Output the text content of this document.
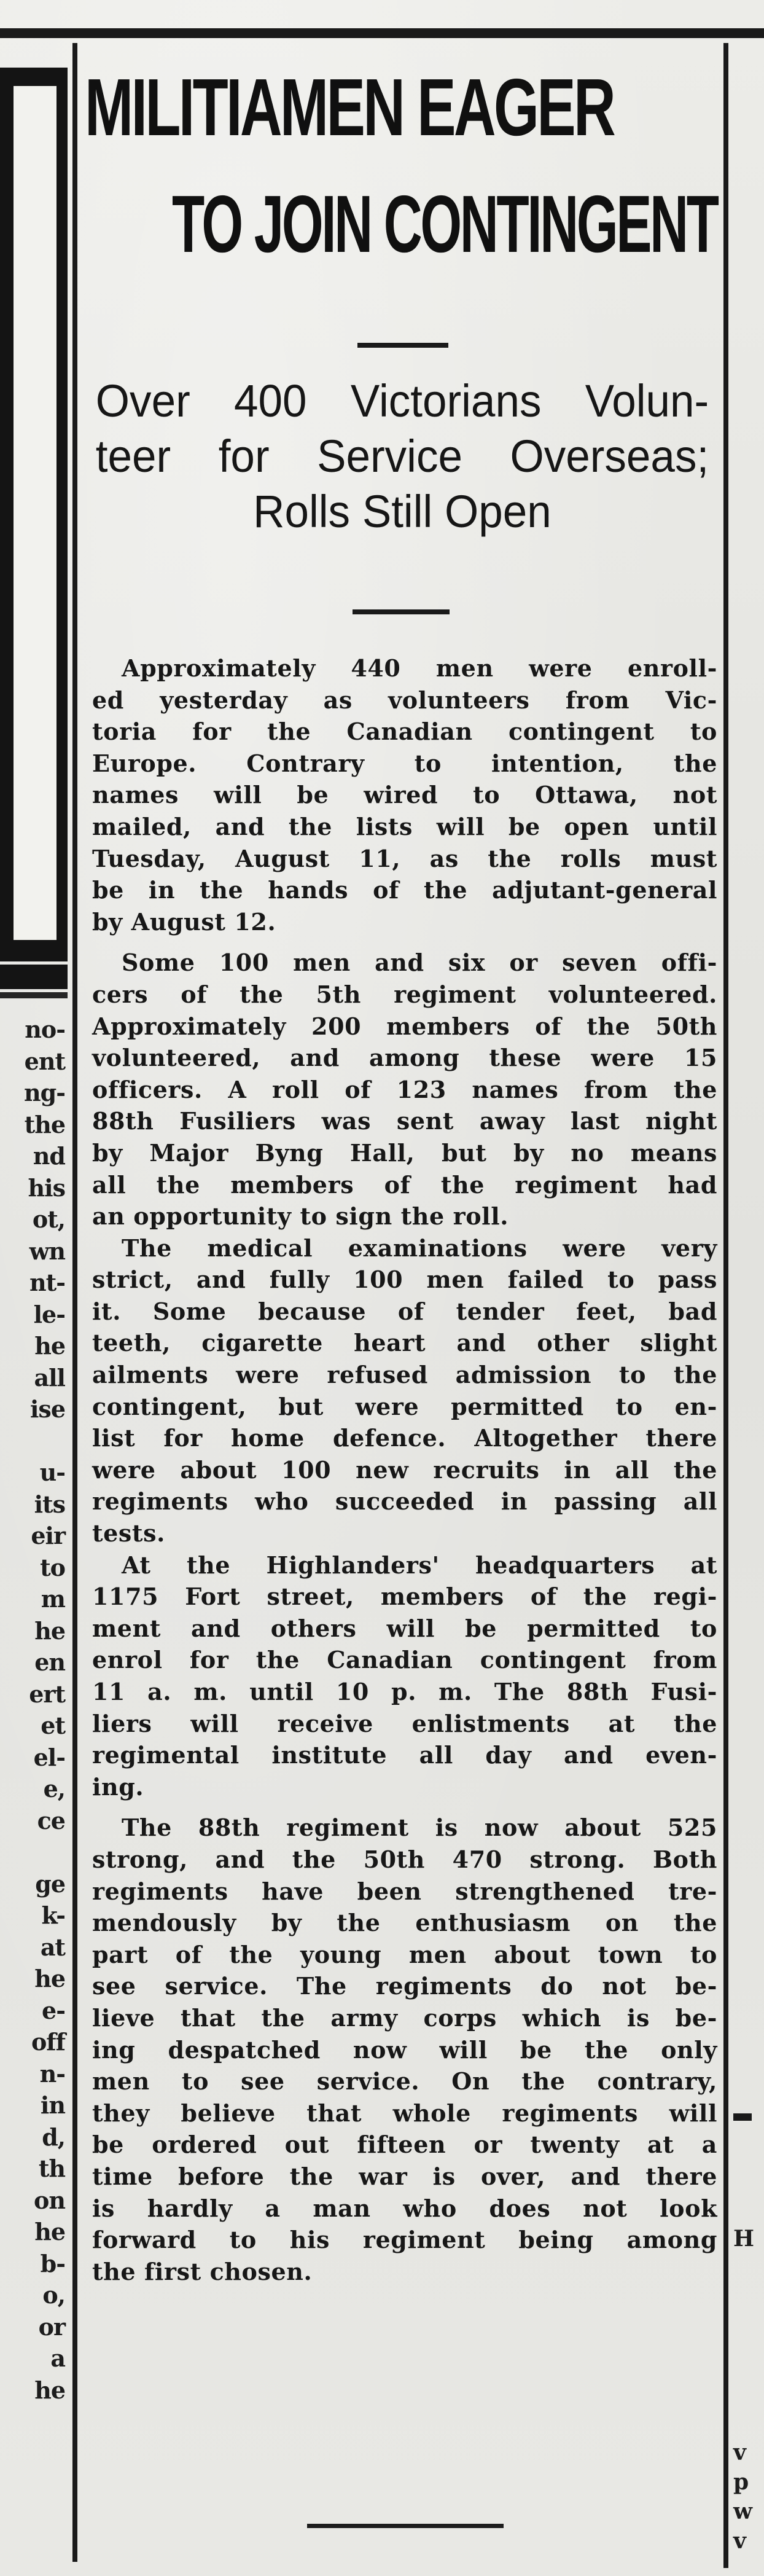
no-
ent
ng-
the
nd
his
ot,
wn
nt-
le-
he
all
ise
u-
its
eir
to
m
he
en
ert
et
el-
e,
ce
ge
k-
at
he
e-
off
n-
in
d,
th
on
he
b-
o,
or
a
he
H
v
p
w
v
MILITIAMEN EAGER
TO JOIN CONTINGENT
Over 400 Victorians Volun-
teer for Service Overseas;
Rolls Still Open
Approximately 440 men were enroll-
ed yesterday as volunteers from Vic-
toria for the Canadian contingent to
Europe. Contrary to intention, the
names will be wired to Ottawa, not
mailed, and the lists will be open until
Tuesday, August 11, as the rolls must
be in the hands of the adjutant-general
by August 12.
Some 100 men and six or seven offi-
cers of the 5th regiment volunteered.
Approximately 200 members of the 50th
volunteered, and among these were 15
officers. A roll of 123 names from the
88th Fusiliers was sent away last night
by Major Byng Hall, but by no means
all the members of the regiment had
an opportunity to sign the roll.
The medical examinations were very
strict, and fully 100 men failed to pass
it. Some because of tender feet, bad
teeth, cigarette heart and other slight
ailments were refused admission to the
contingent, but were permitted to en-
list for home defence. Altogether there
were about 100 new recruits in all the
regiments who succeeded in passing all
tests.
At the Highlanders' headquarters at
1175 Fort street, members of the regi-
ment and others will be permitted to
enrol for the Canadian contingent from
11 a. m. until 10 p. m. The 88th Fusi-
liers will receive enlistments at the
regimental institute all day and even-
ing.
The 88th regiment is now about 525
strong, and the 50th 470 strong. Both
regiments have been strengthened tre-
mendously by the enthusiasm on the
part of the young men about town to
see service. The regiments do not be-
lieve that the army corps which is be-
ing despatched now will be the only
men to see service. On the contrary,
they believe that whole regiments will
be ordered out fifteen or twenty at a
time before the war is over, and there
is hardly a man who does not look
forward to his regiment being among
the first chosen.
